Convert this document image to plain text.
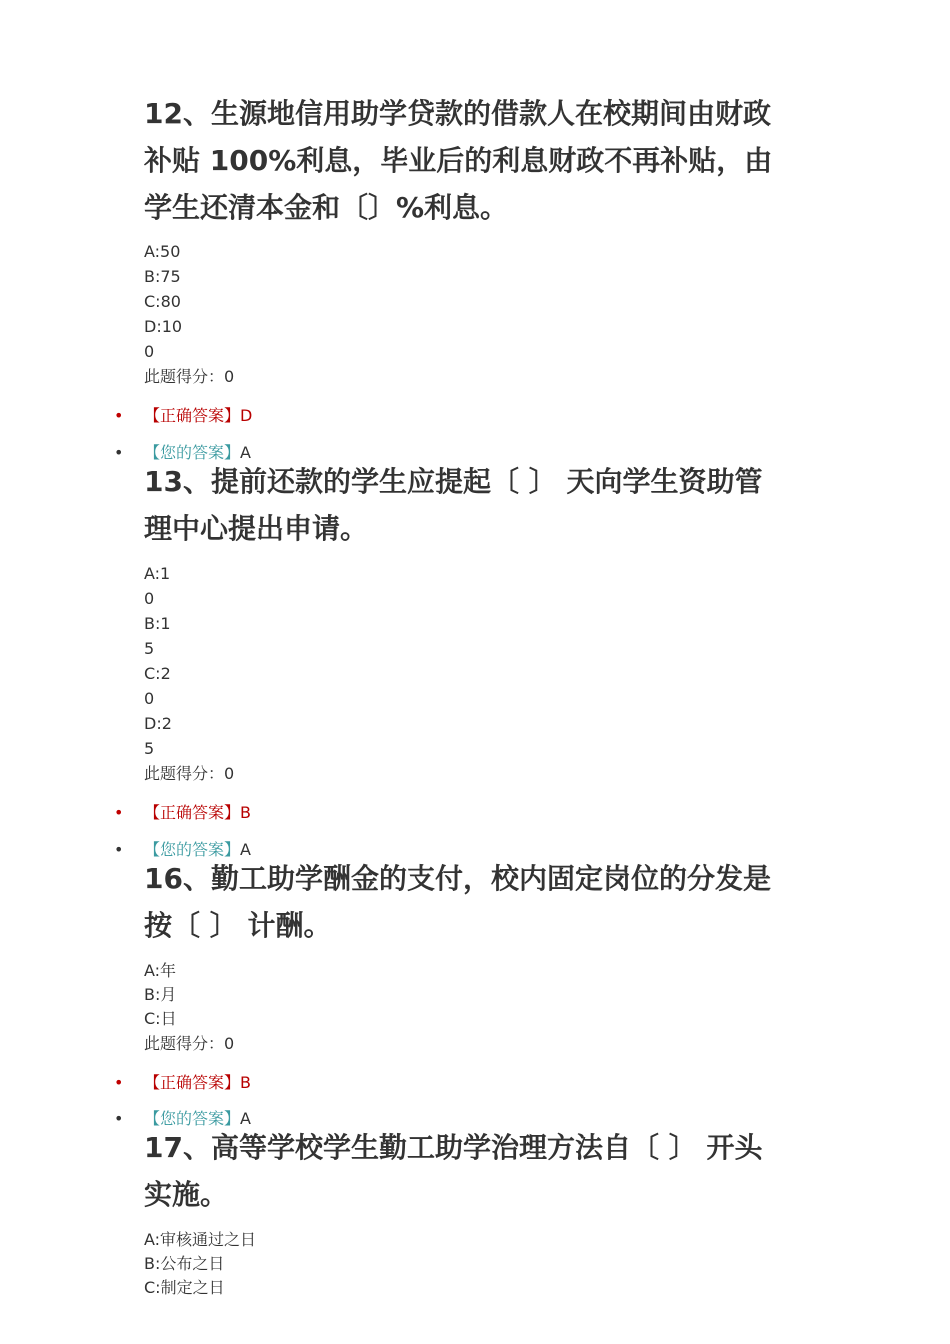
12、生源地信用助学贷款的借款人在校期间由财政
补贴 100%利息，毕业后的利息财政不再补贴，由
学生还清本金和〔〕%利息。
A:50
B:75
C:80
D:10
0
此题得分：0
• 【正确答案】D
• 【您的答案】A
13、提前还款的学生应提起〔 〕 天向学生资助管
理中心提出申请。
A:1
0
B:1
5
C:2
0
D:2
5
此题得分：0
• 【正确答案】B
• 【您的答案】A
16、勤工助学酬金的支付，校内固定岗位的分发是
按〔 〕 计酬。
A:年
B:月
C:日
此题得分：0
• 【正确答案】B
• 【您的答案】A
17、高等学校学生勤工助学治理方法自〔 〕 开头
实施。
A:审核通过之日
B:公布之日
C:制定之日
